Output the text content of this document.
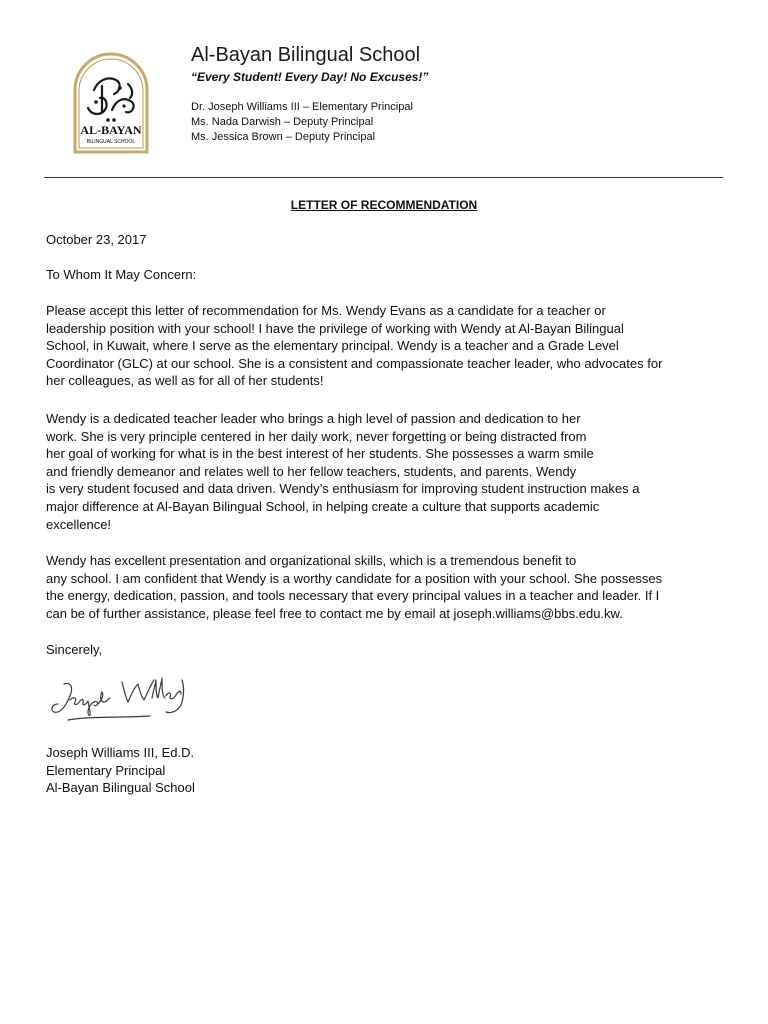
AL-BAYAN
BILINGUAL SCHOOL
Al-Bayan Bilingual School
“Every Student! Every Day! No Excuses!”
Dr. Joseph Williams III – Elementary Principal
Ms. Nada Darwish – Deputy Principal
Ms. Jessica Brown – Deputy Principal
LETTER OF RECOMMENDATION
October 23, 2017
To Whom It May Concern:
Please accept this letter of recommendation for Ms. Wendy Evans as a candidate for a teacher or
leadership position with your school! I have the privilege of working with Wendy at Al-Bayan Bilingual
School, in Kuwait, where I serve as the elementary principal. Wendy is a teacher and a Grade Level
Coordinator (GLC) at our school. She is a consistent and compassionate teacher leader, who advocates for
her colleagues, as well as for all of her students!
Wendy is a dedicated teacher leader who brings a high level of passion and dedication to her
work. She is very principle centered in her daily work, never forgetting or being distracted from
her goal of working for what is in the best interest of her students. She possesses a warm smile
and friendly demeanor and relates well to her fellow teachers, students, and parents. Wendy
is very student focused and data driven. Wendy’s enthusiasm for improving student instruction makes a
major difference at Al-Bayan Bilingual School, in helping create a culture that supports academic
excellence!
Wendy has excellent presentation and organizational skills, which is a tremendous benefit to
any school. I am confident that Wendy is a worthy candidate for a position with your school. She possesses
the energy, dedication, passion, and tools necessary that every principal values in a teacher and leader. If I
can be of further assistance, please feel free to contact me by email at joseph.williams@bbs.edu.kw.
Sincerely,
Joseph Williams III, Ed.D.
Elementary Principal
Al-Bayan Bilingual School
